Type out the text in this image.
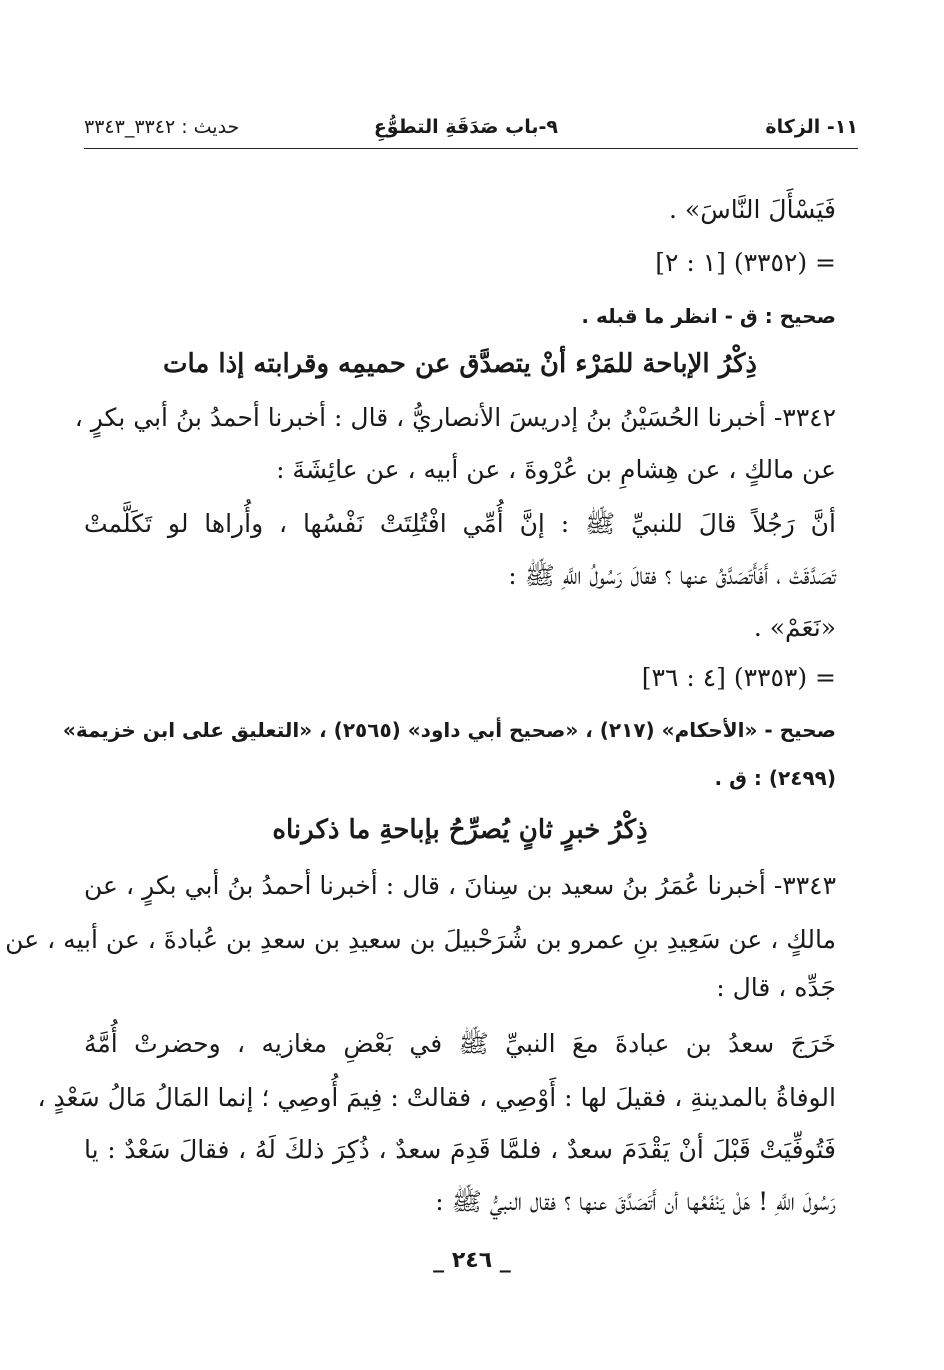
١١- الزكاة
٩-باب صَدَقَةِ التطوُّعِ
حديث : ٣٣٤٢_٣٣٤٣
فَيَسْأَلَ النَّاسَ» .
= (٣٣٥٢) [١ : ٢]
صحيح : ق - انظر ما قبله .
ذِكْرُ الإباحة للمَرْء أنْ يتصدَّق عن حميمِه وقرابته إذا مات
٣٣٤٢- أخبرنا الحُسَيْنُ بنُ إدريسَ الأنصاريُّ ، قال : أخبرنا أحمدُ بنُ أبي بكرٍ ،
عن مالكٍ ، عن هِشامِ بن عُرْوةَ ، عن أبيه ، عن عائِشَةَ :
أنَّ رَجُلاً قالَ للنبيِّ ﷺ : إنَّ أُمِّي افْتُلِتَتْ نَفْسُها ، وأُراها لو تَكَلَّمتْ
تَصَدَّقَتْ ، أَفَأَتَصَدَّقُ عنها ؟ فقالَ رَسُولُ اللَّهِ ﷺ :
«نَعَمْ» .
= (٣٣٥٣) [٤ : ٣٦]
صحيح - «الأحكام» (٢١٧) ، «صحيح أبي داود» (٢٥٦٥) ، «التعليق على ابن خزيمة»
(٢٤٩٩) : ق .
ذِكْرُ خبرٍ ثانٍ يُصرِّحُ بإباحةِ ما ذكرناه
٣٣٤٣- أخبرنا عُمَرُ بنُ سعيد بن سِنانَ ، قال : أخبرنا أحمدُ بنُ أبي بكرٍ ، عن
مالكٍ ، عن سَعِيدِ بنِ عمرو بن شُرَحْبيلَ بن سعيدِ بن سعدِ بن عُبادةَ ، عن أبيه ، عن
جَدِّه ، قال :
خَرَجَ سعدُ بن عبادةَ معَ النبيِّ ﷺ في بَعْضِ مغازيه ، وحضرتْ أُمَّهُ
الوفاةُ بالمدينةِ ، فقيلَ لها : أَوْصِي ، فقالتْ : فِيمَ أُوصِي ؛ إنما المَالُ مَالُ سَعْدٍ ،
فَتُوفِّيَتْ قَبْلَ أنْ يَقْدَمَ سعدٌ ، فلمَّا قَدِمَ سعدٌ ، ذُكِرَ ذلكَ لَهُ ، فقالَ سَعْدٌ : يا
رَسُولَ اللَّهِ ! هَلْ يَنْفَعُها أن أَتَصَدَّقَ عنها ؟ فقال النبيُّ ﷺ :
_ ٢٤٦ _
